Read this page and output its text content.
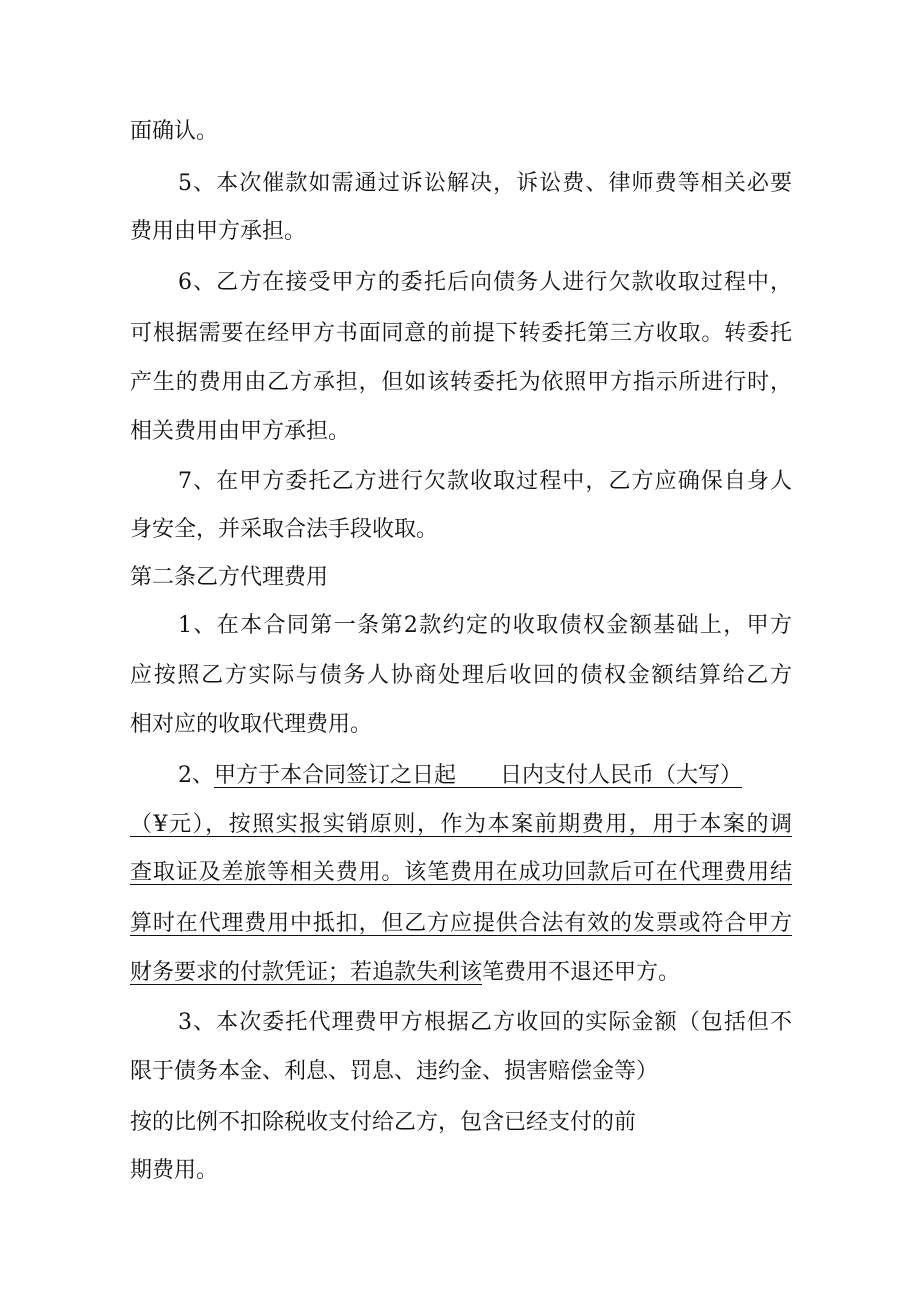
面确认。
5、本次催款如需通过诉讼解决，诉讼费、律师费等相关必要
费用由甲方承担。
6、乙方在接受甲方的委托后向债务人进行欠款收取过程中，
可根据需要在经甲方书面同意的前提下转委托第三方收取。转委托
产生的费用由乙方承担，但如该转委托为依照甲方指示所进行时，
相关费用由甲方承担。
7、在甲方委托乙方进行欠款收取过程中，乙方应确保自身人
身安全，并采取合法手段收取。
第二条乙方代理费用
1、在本合同第一条第2款约定的收取债权金额基础上，甲方
应按照乙方实际与债务人协商处理后收回的债权金额结算给乙方
相对应的收取代理费用。
2、甲方于本合同签订之日起　　日内支付人民币（大写）
（¥元），按照实报实销原则，作为本案前期费用，用于本案的调
查取证及差旅等相关费用。该笔费用在成功回款后可在代理费用结
算时在代理费用中抵扣，但乙方应提供合法有效的发票或符合甲方
财务要求的付款凭证；若追款失利该笔费用不退还甲方。
3、本次委托代理费甲方根据乙方收回的实际金额（包括但不
限于债务本金、利息、罚息、违约金、损害赔偿金等）
按的比例不扣除税收支付给乙方，包含已经支付的前
期费用。
